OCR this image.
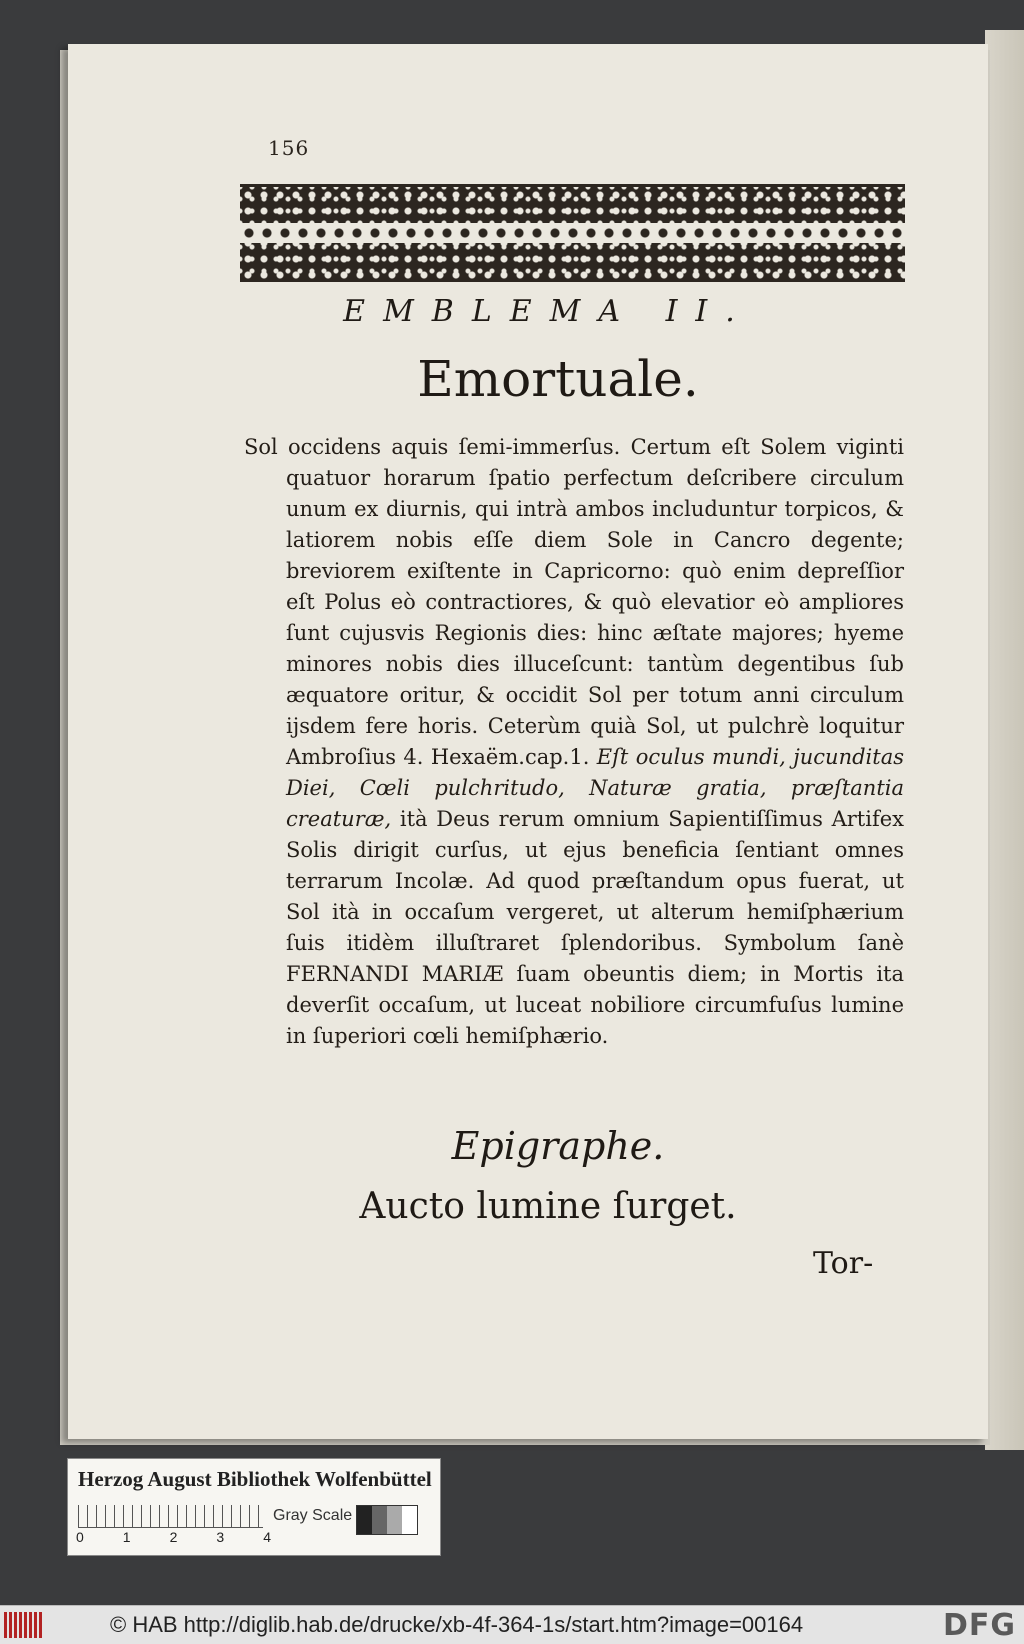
156
EMBLEMA II.
Emortuale.
Sol occidens aquis ſemi-immerſus. Certum eſt Solem viginti quatuor horarum ſpatio perfectum deſcribere circulum unum ex diurnis, qui intrà ambos includuntur torpicos, & latiorem nobis eſſe diem Sole in Cancro degente; breviorem exiſtente in Capricorno: quò enim depreſſior eſt Polus eò contractiores, & quò elevatior eò ampliores ſunt cujusvis Regionis dies: hinc æſtate majores; hyeme minores nobis dies illuceſcunt: tantùm degentibus ſub æquatore oritur, & occidit Sol per totum anni circulum ijsdem fere horis. Ceterùm quià Sol, ut pulchrè loquitur Ambroſius 4. Hexaëm.cap.1. Eſt oculus mundi, jucunditas Diei, Cœli pulchritudo, Naturæ gratia, præſtantia creaturæ, ità Deus rerum omnium Sapientiſſimus Artifex Solis dirigit curſus, ut ejus beneficia ſentiant omnes terrarum Incolæ. Ad quod præſtandum opus fuerat, ut Sol ità in occaſum vergeret, ut alterum hemiſphærium ſuis itidèm illuſtraret ſplendoribus. Symbolum ſanè FERNANDI MARIÆ ſuam obeuntis diem; in Mortis ita deverſit occaſum, ut luceat nobiliore circumfuſus lumine in ſuperiori cœli hemiſphærio.
Epigraphe.
Aucto lumine ſurget.
Tor-
Herzog August Bibliothek Wolfenbüttel
0	1	2	3	4
Gray Scale
© HAB http://diglib.hab.de/drucke/xb-4f-364-1s/start.htm?image=00164	DFG
